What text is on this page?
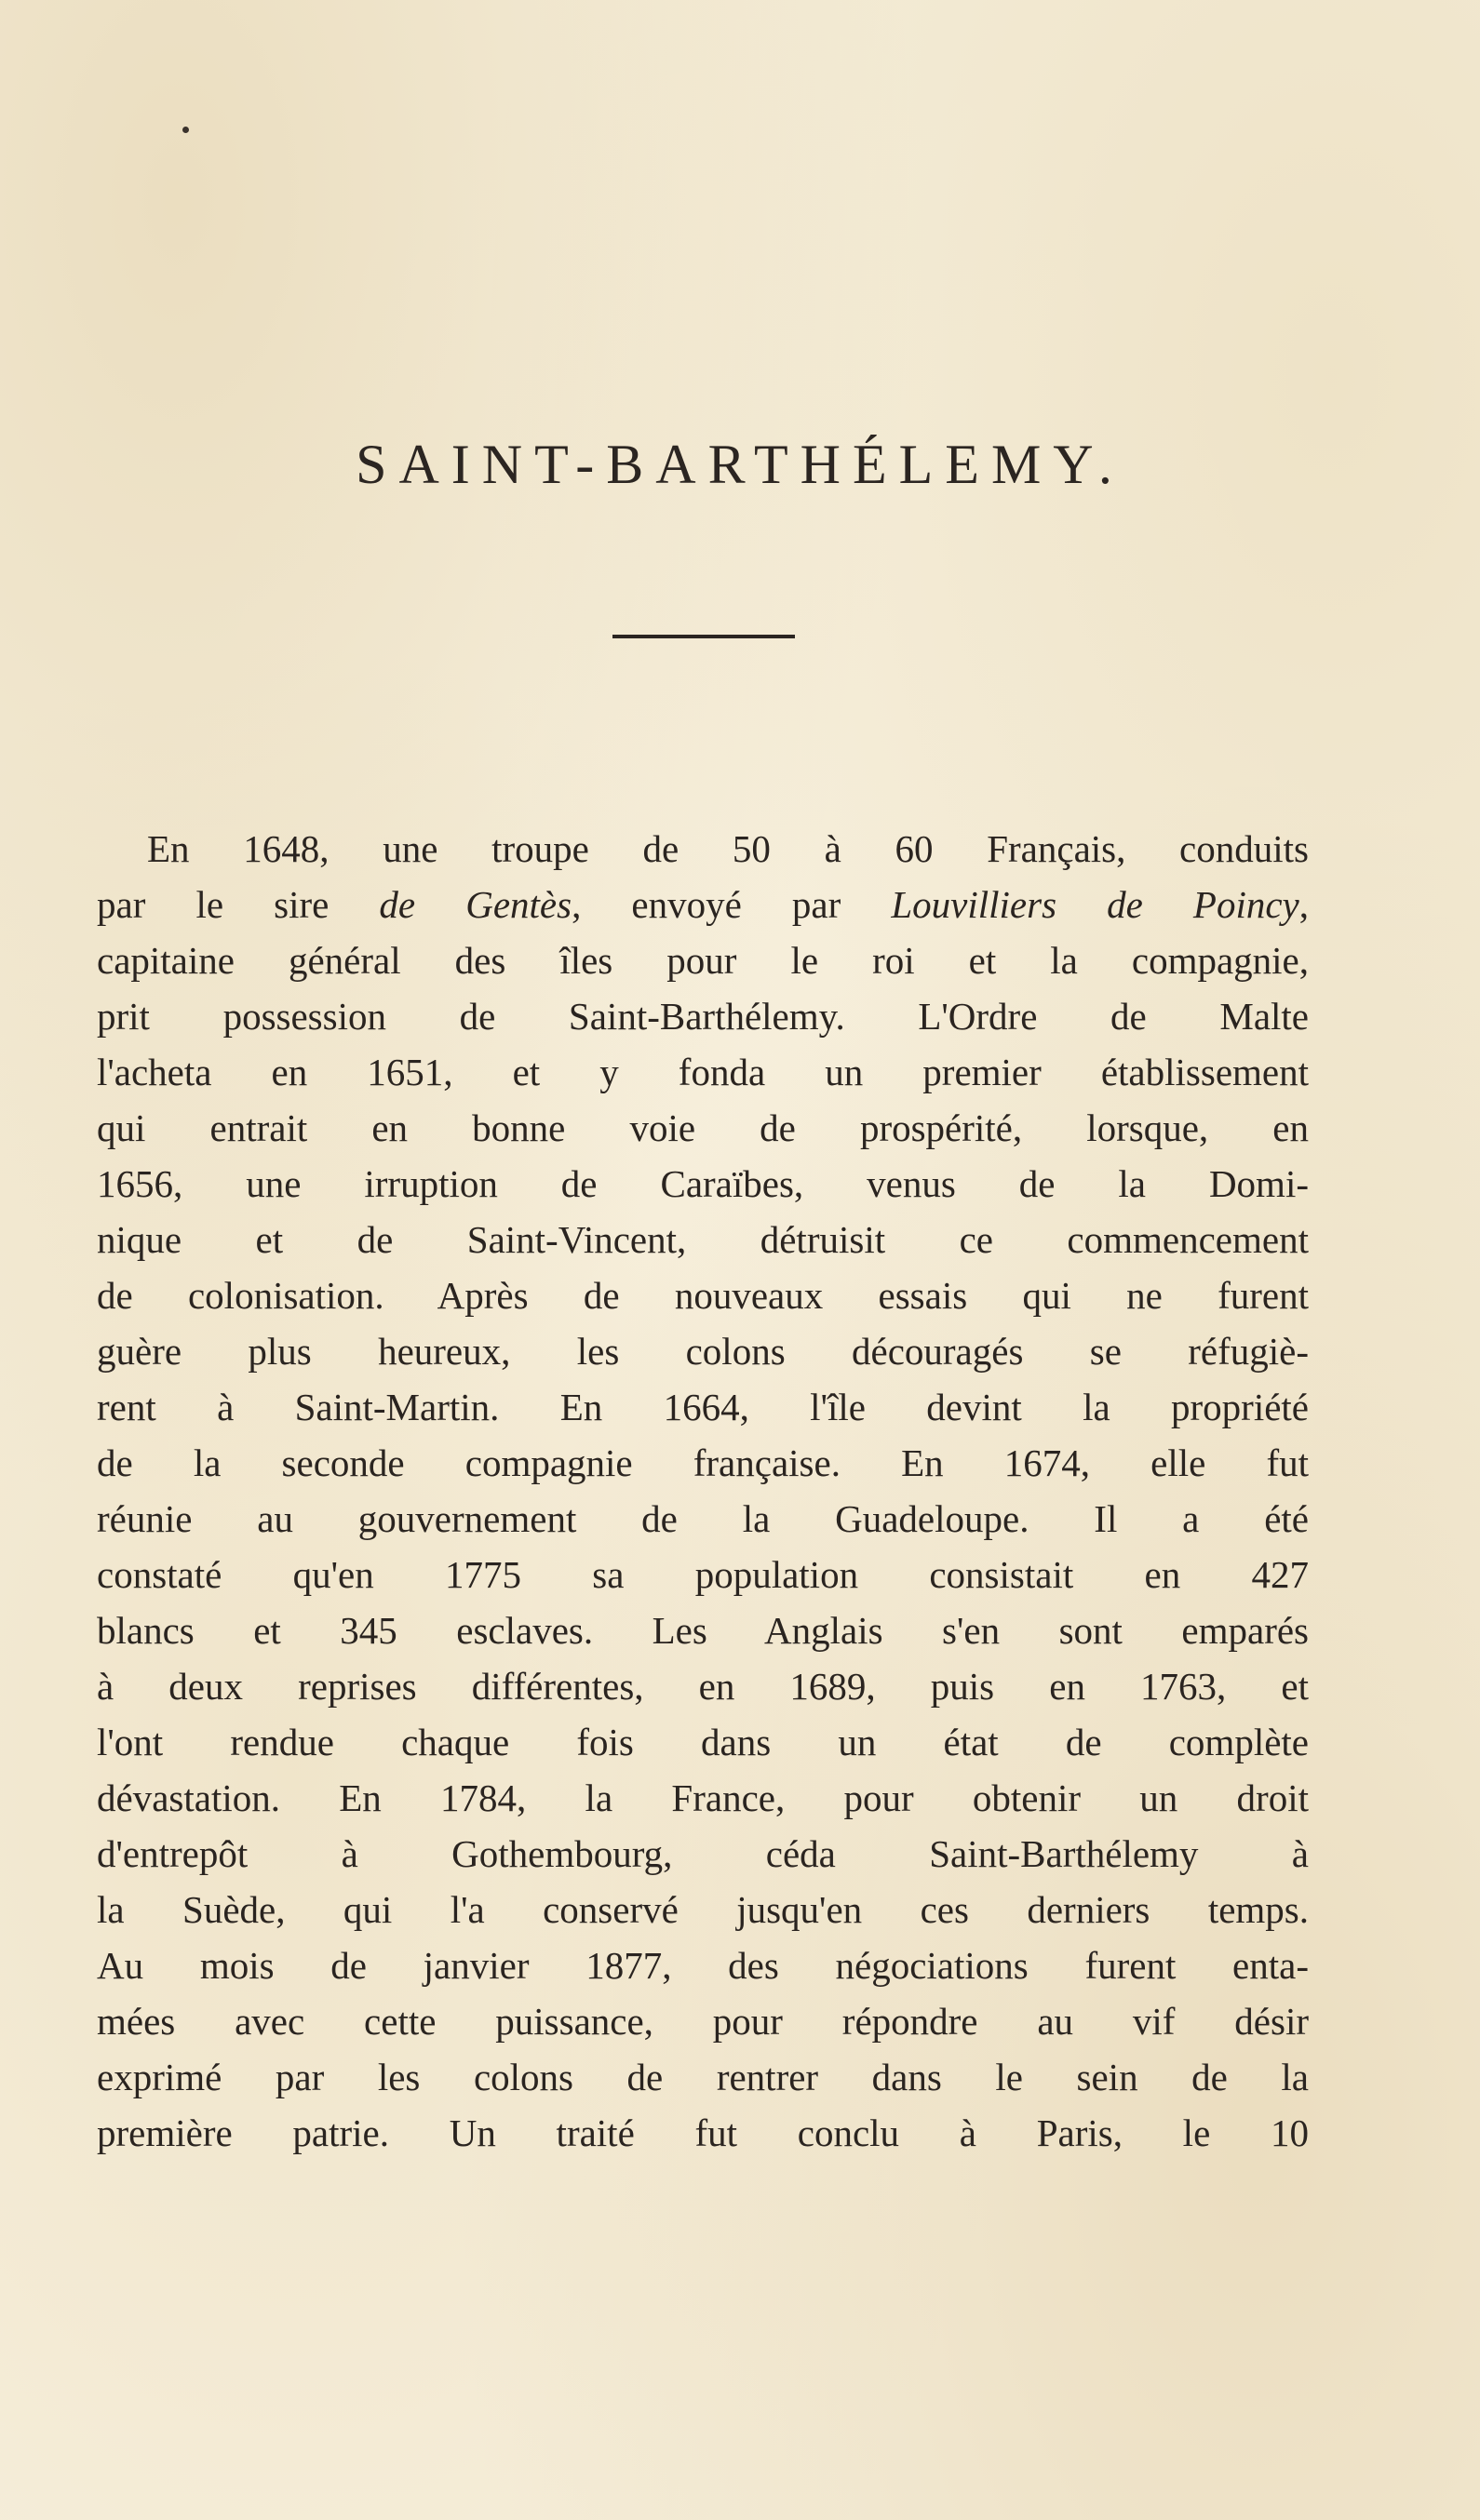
SAINT-BARTHÉLEMY.
En 1648, une troupe de 50 à 60 Français, conduits
par le sire de Gentès, envoyé par Louvilliers de Poincy,
capitaine général des îles pour le roi et la compagnie,
prit possession de Saint-Barthélemy. L'Ordre de Malte
l'acheta en 1651, et y fonda un premier établissement
qui entrait en bonne voie de prospérité, lorsque, en
1656, une irruption de Caraïbes, venus de la Domi-
nique et de Saint-Vincent, détruisit ce commencement
de colonisation. Après de nouveaux essais qui ne furent
guère plus heureux, les colons découragés se réfugiè-
rent à Saint-Martin. En 1664, l'île devint la propriété
de la seconde compagnie française. En 1674, elle fut
réunie au gouvernement de la Guadeloupe. Il a été
constaté qu'en 1775 sa population consistait en 427
blancs et 345 esclaves. Les Anglais s'en sont emparés
à deux reprises différentes, en 1689, puis en 1763, et
l'ont rendue chaque fois dans un état de complète
dévastation. En 1784, la France, pour obtenir un droit
d'entrepôt à Gothembourg, céda Saint-Barthélemy à
la Suède, qui l'a conservé jusqu'en ces derniers temps.
Au mois de janvier 1877, des négociations furent enta-
mées avec cette puissance, pour répondre au vif désir
exprimé par les colons de rentrer dans le sein de la
première patrie. Un traité fut conclu à Paris, le 10
